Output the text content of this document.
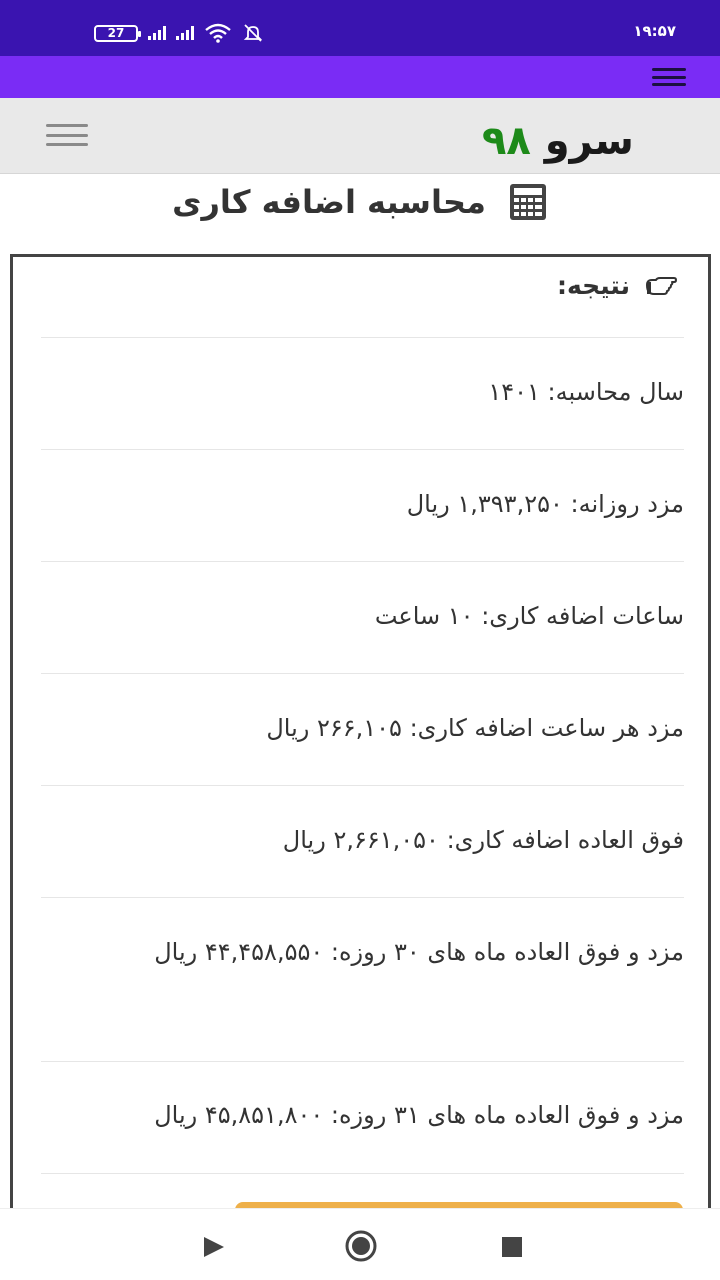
27	۱۹:۵۷
سرو ۹۸
محاسبه اضافه کاری
نتیجه:
سال محاسبه: ۱۴۰۱
مزد روزانه: ۱,۳۹۳,۲۵۰ ریال
ساعات اضافه کاری: ۱۰ ساعت
مزد هر ساعت اضافه کاری: ۲۶۶,۱۰۵ ریال
فوق العاده اضافه کاری: ۲,۶۶۱,۰۵۰ ریال
مزد و فوق العاده ماه های ۳۰ روزه: ۴۴,۴۵۸,۵۵۰ ریال
مزد و فوق العاده ماه های ۳۱ روزه: ۴۵,۸۵۱,۸۰۰ ریال
